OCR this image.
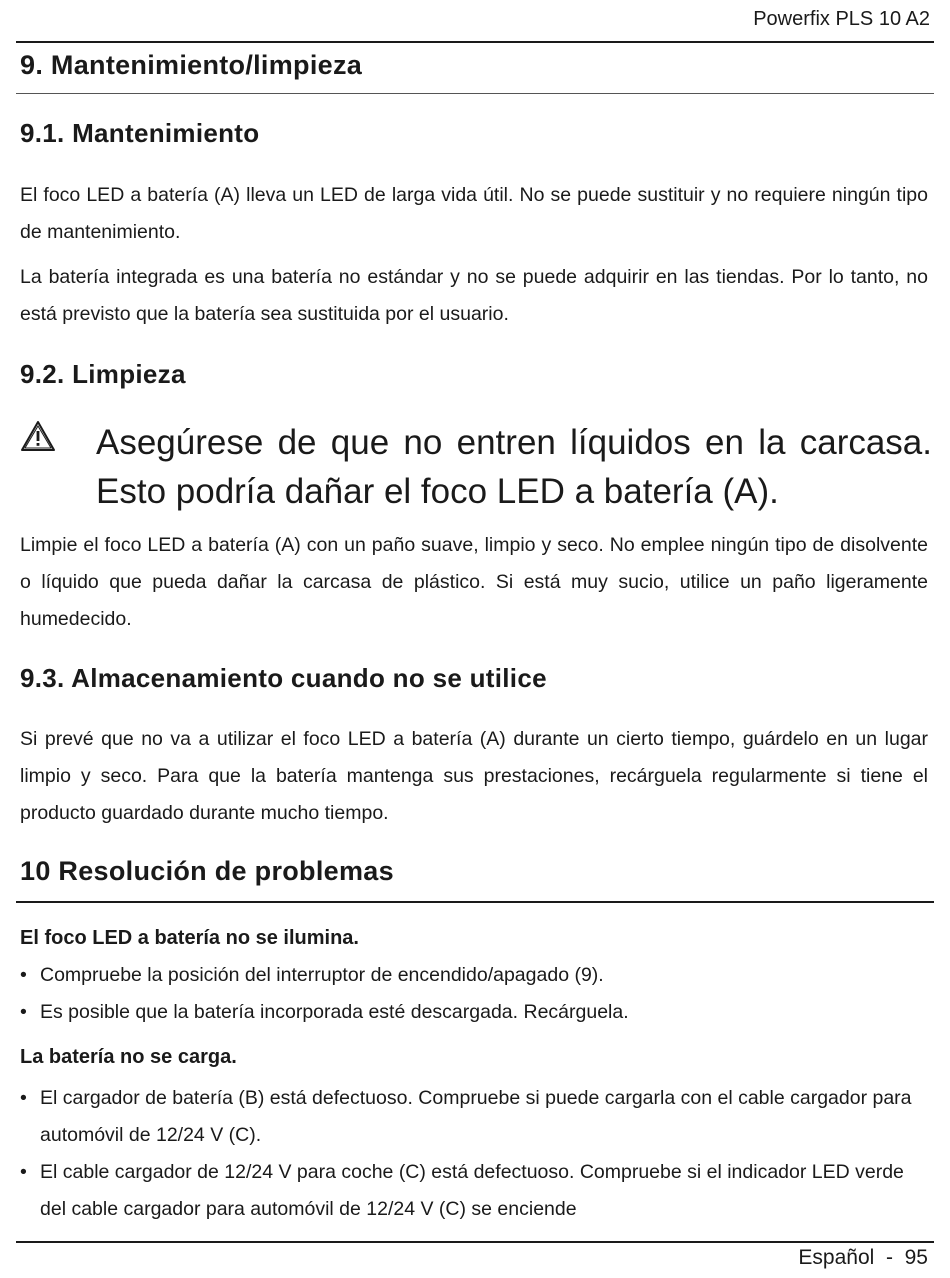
Powerfix PLS 10 A2
9. Mantenimiento/limpieza
9.1. Mantenimiento

El foco LED a batería (A) lleva un LED de larga vida útil. No se puede sustituir y no requiere ningún tipo de mantenimiento.

La batería integrada es una batería no estándar y no se puede adquirir en las tiendas. Por lo tanto, no está previsto que la batería sea sustituida por el usuario.

9.2. Limpieza

Asegúrese de que no entren líquidos en la carcasa. Esto podría dañar el foco LED a batería (A).

Limpie el foco LED a batería (A) con un paño suave, limpio y seco. No emplee ningún tipo de disolvente o líquido que pueda dañar la carcasa de plástico. Si está muy sucio, utilice un paño ligeramente humedecido.

9.3. Almacenamiento cuando no se utilice

Si prevé que no va a utilizar el foco LED a batería (A) durante un cierto tiempo, guárdelo en un lugar limpio y seco. Para que la batería mantenga sus prestaciones, recárguela regularmente si tiene el producto guardado durante mucho tiempo.

10 Resolución de problemas

El foco LED a batería no se ilumina.

• Compruebe la posición del interruptor de encendido/apagado (9).

• Es posible que la batería incorporada esté descargada. Recárguela.

La batería no se carga.

• El cargador de batería (B) está defectuoso. Compruebe si puede cargarla con el cable cargador para automóvil de 12/24 V (C).

• El cable cargador de 12/24 V para coche (C) está defectuoso. Compruebe si el indicador LED verde del cable cargador para automóvil de 12/24 V (C) se enciende

Español  -  95
